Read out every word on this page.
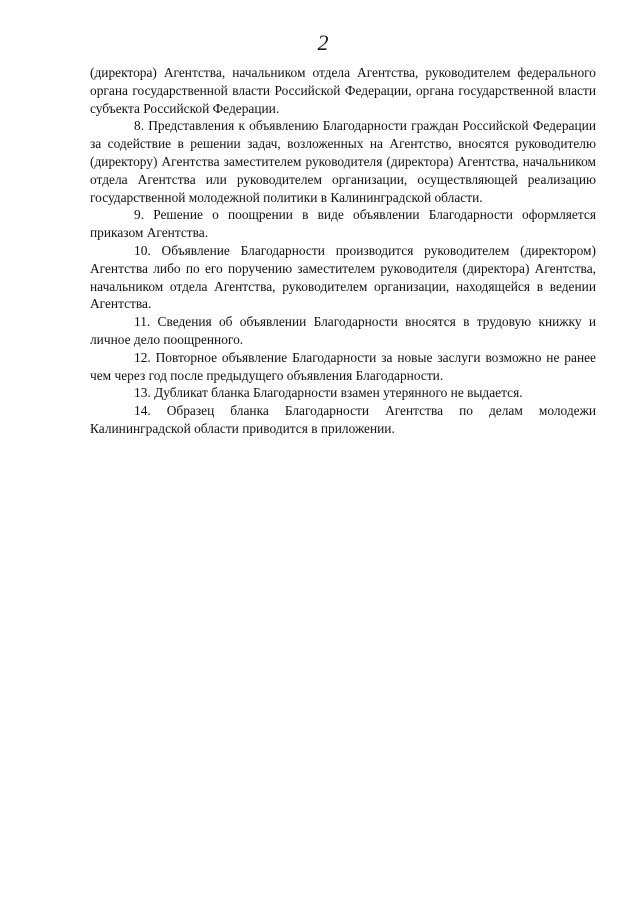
2

(директора) Агентства, начальником отдела Агентства, руководителем федерального органа государственной власти Российской Федерации, органа государственной власти субъекта Российской Федерации.

8. Представления к объявлению Благодарности граждан Российской Федерации за содействие в решении задач, возложенных на Агентство, вносятся руководителю (директору) Агентства заместителем руководителя (директора) Агентства, начальником отдела Агентства или руководителем организации, осуществляющей реализацию государственной молодежной политики в Калининградской области.

9. Решение о поощрении в виде объявлении Благодарности оформляется приказом Агентства.

10. Объявление Благодарности производится руководителем (директором) Агентства либо по его поручению заместителем руководителя (директора) Агентства, начальником отдела Агентства, руководителем организации, находящейся в ведении Агентства.

11. Сведения об объявлении Благодарности вносятся в трудовую книжку и личное дело поощренного.

12. Повторное объявление Благодарности за новые заслуги возможно не ранее чем через год после предыдущего объявления Благодарности.

13. Дубликат бланка Благодарности взамен утерянного не выдается.

14. Образец бланка Благодарности Агентства по делам молодежи Калининградской области приводится в приложении.
